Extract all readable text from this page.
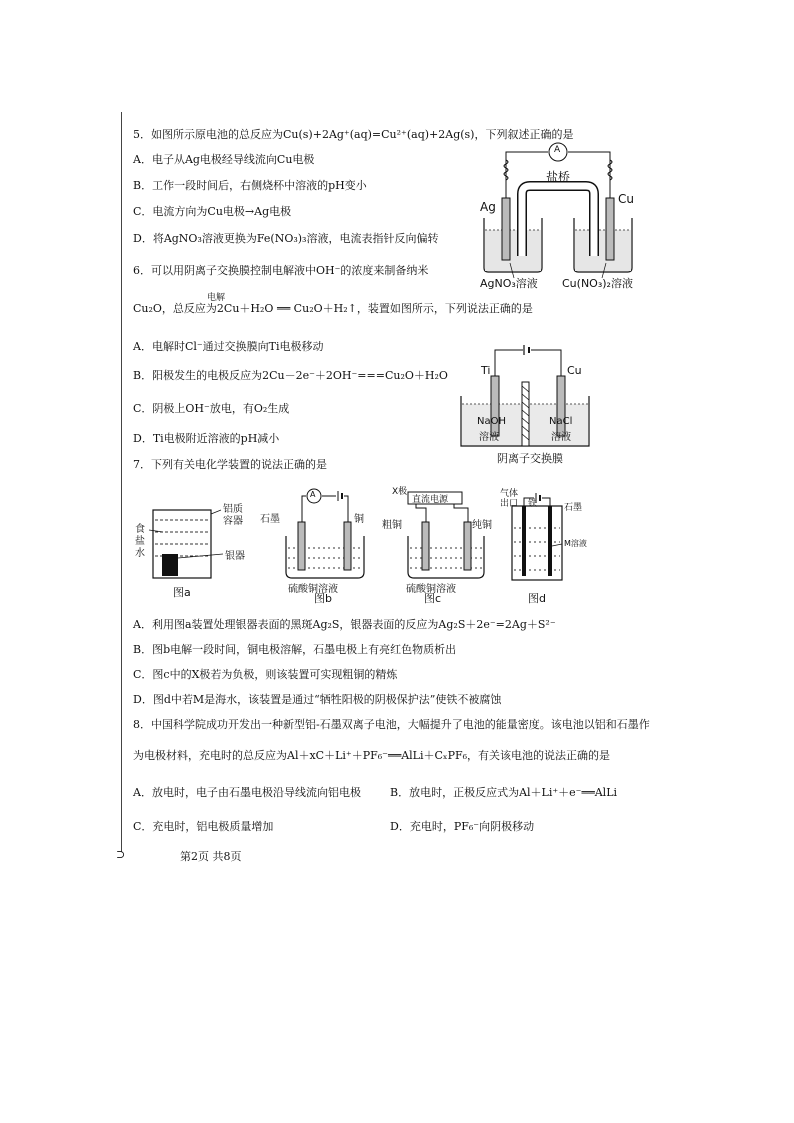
5．如图所示原电池的总反应为Cu(s)+2Ag⁺(aq)=Cu²⁺(aq)+2Ag(s)，下列叙述正确的是
A．电子从Ag电极经导线流向Cu电极
B．工作一段时间后，右侧烧杯中溶液的pH变小
C．电流方向为Cu电极→Ag电极
D．将AgNO₃溶液更换为Fe(NO₃)₃溶液，电流表指针反向偏转
A
盐桥
Ag
Cu
AgNO₃溶液 Cu(NO₃)₂溶液
6．可以用阴离子交换膜控制电解液中OH⁻的浓度来制备纳米
电解
Cu₂O，总反应为2Cu＋H₂O ══ Cu₂O＋H₂↑，装置如图所示，下列说法正确的是
A．电解时Cl⁻通过交换膜向Ti电极移动
B．阳极发生的电极反应为2Cu－2e⁻＋2OH⁻===Cu₂O＋H₂O
C．阴极上OH⁻放电，有O₂生成
D．Ti电极附近溶液的pH减小
Ti	Cu
NaOH
溶液
NaCl
溶液
阴离子交换膜
7．下列有关电化学装置的说法正确的是
食
盐
水
铝质
容器
银器
图a
A
石墨	铜
硫酸铜溶液
图b
X极
直流电源
粗铜	纯铜
硫酸铜溶液
图c
气体
出口 铁	石墨
M溶液
图d
A．利用图a装置处理银器表面的黑斑Ag₂S，银器表面的反应为Ag₂S＋2e⁻=2Ag＋S²⁻
B．图b电解一段时间，铜电极溶解，石墨电极上有亮红色物质析出
C．图c中的X极若为负极，则该装置可实现粗铜的精炼
D．图d中若M是海水，该装置是通过“牺牲阳极的阴极保护法”使铁不被腐蚀
8．中国科学院成功开发出一种新型铝-石墨双离子电池，大幅提升了电池的能量密度。该电池以铝和石墨作
为电极材料，充电时的总反应为Al＋xC＋Li⁺＋PF₆⁻══AlLi＋CₓPF₆，有关该电池的说法正确的是
A．放电时，电子由石墨电极沿导线流向铝电极	B．放电时，正极反应式为Al＋Li⁺＋e⁻══AlLi
C．充电时，铝电极质量增加	D．充电时，PF₆⁻向阴极移动
⊃	第2页 共8页
